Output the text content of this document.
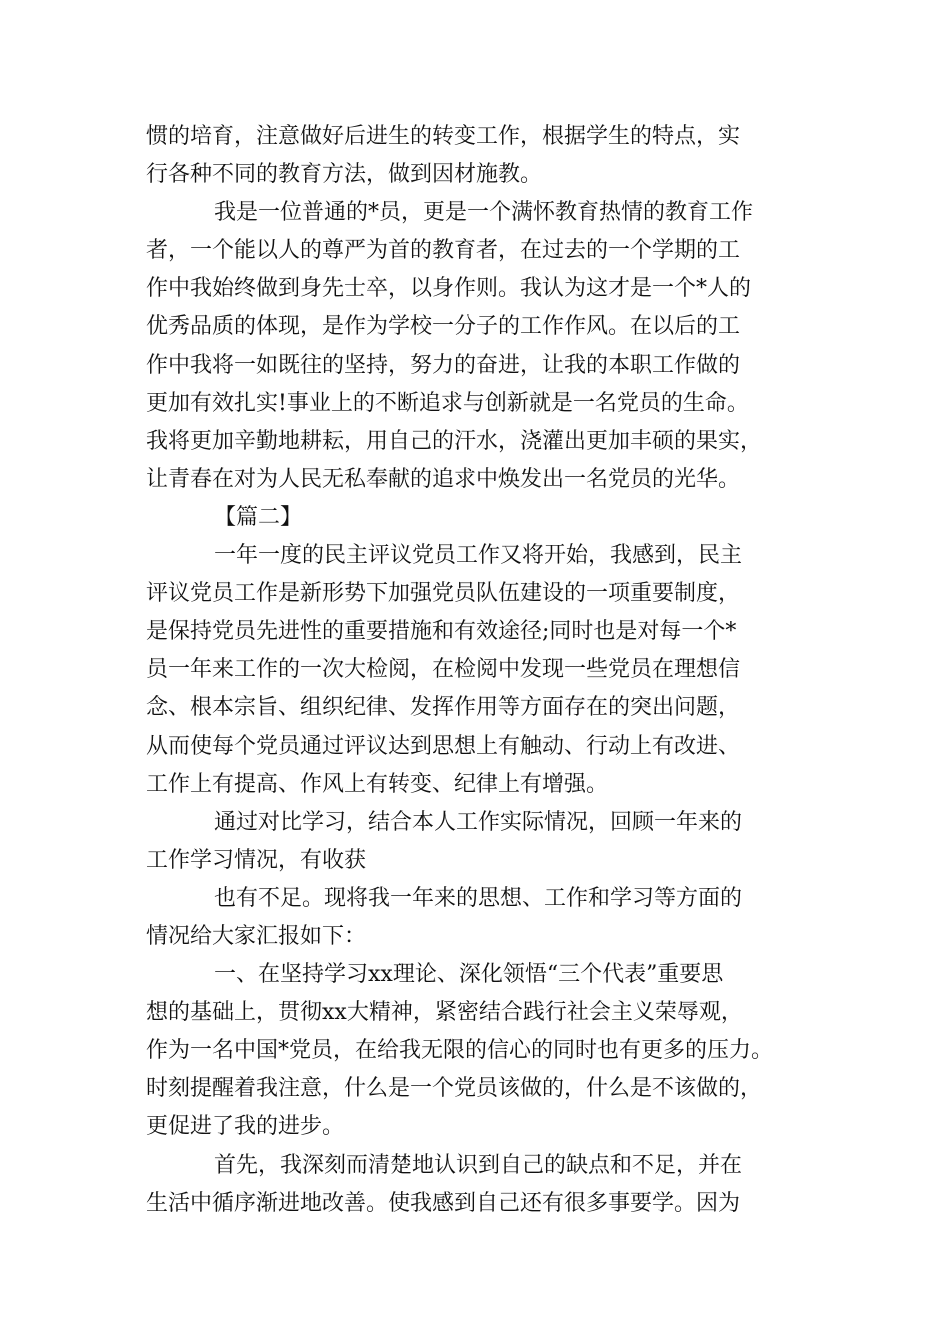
惯的培育，注意做好后进生的转变工作，根据学生的特点，实
行各种不同的教育方法，做到因材施教。
我是一位普通的*员，更是一个满怀教育热情的教育工作
者，一个能以人的尊严为首的教育者，在过去的一个学期的工
作中我始终做到身先士卒，以身作则。我认为这才是一个*人的
优秀品质的体现，是作为学校一分子的工作作风。在以后的工
作中我将一如既往的坚持，努力的奋进，让我的本职工作做的
更加有效扎实!事业上的不断追求与创新就是一名党员的生命。
我将更加辛勤地耕耘，用自己的汗水，浇灌出更加丰硕的果实，
让青春在对为人民无私奉献的追求中焕发出一名党员的光华。
【篇二】
一年一度的民主评议党员工作又将开始，我感到，民主
评议党员工作是新形势下加强党员队伍建设的一项重要制度，
是保持党员先进性的重要措施和有效途径;同时也是对每一个*
员一年来工作的一次大检阅，在检阅中发现一些党员在理想信
念、根本宗旨、组织纪律、发挥作用等方面存在的突出问题，
从而使每个党员通过评议达到思想上有触动、行动上有改进、
工作上有提高、作风上有转变、纪律上有增强。
通过对比学习，结合本人工作实际情况，回顾一年来的
工作学习情况，有收获
也有不足。现将我一年来的思想、工作和学习等方面的
情况给大家汇报如下：
一、在坚持学习xx理论、深化领悟“三个代表”重要思
想的基础上，贯彻xx大精神，紧密结合践行社会主义荣辱观，
作为一名中国*党员，在给我无限的信心的同时也有更多的压力。
时刻提醒着我注意，什么是一个党员该做的，什么是不该做的，
更促进了我的进步。
首先，我深刻而清楚地认识到自己的缺点和不足，并在
生活中循序渐进地改善。使我感到自己还有很多事要学。因为
